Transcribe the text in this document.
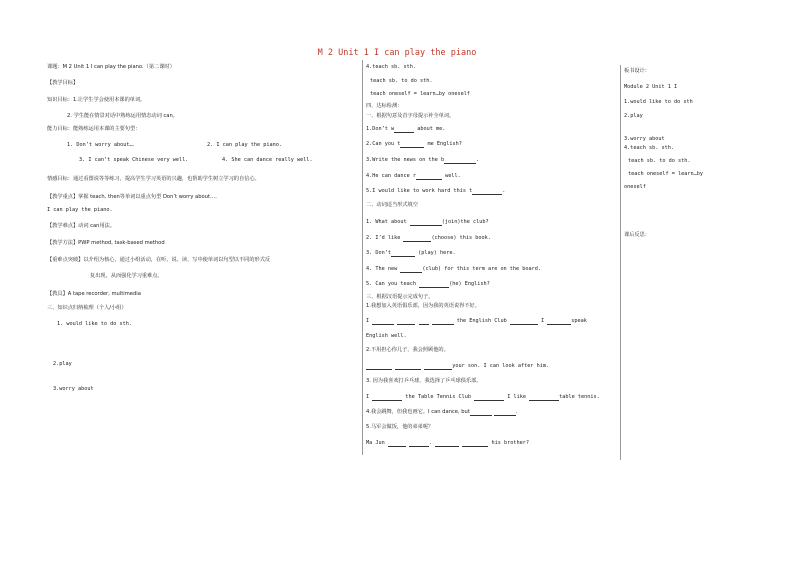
M 2 Unit 1 I can play the piano
课题：M 2 Unit 1 I can play the piano.（第二课时）
【教学目标】
知识目标：1.让学生学会使用本课的单词。
2. 学生能在情景对话中熟练运用情态动词 can。
能力目标：能熟练运用本课的主要句型：
1. Don’t worry about…．	2. I can play the piano.
3. I can’t speak Chinese very well.	4. She can dance really well.
情感目标：通过看图说等等练习，提高学生学习英语的兴趣，也帮助学生树立学习的自信心。
【教学重点】掌握 teach, then等单词以重点句型 Don’t worry about…．
I can play the piano.
【教学难点】动词 can用法。
【教学方法】PWP method, task-based method
【重难点突破】以介绍为核心，通过小组活动，在听、说、读、写中使单词以句型以不同的形式反
复出现，从而强化学习重难点。
【教具】A tape recorder, multimedia
三、知识点归纳梳理（个人/小组）
1. would like to do sth.
2.play
3.worry about
4.teach sb. sth.
teach sb. to do sth.
teach oneself = learn…by oneself
四、达标检测：
一、根据句意及首字母提示补全单词。
1.Don’t w	about me.
2.Can you t	me English?
3.Write the news on the b	.
4.He can dance r	well.
5.I would like to work hard this t	.
二、动词适当形式填空
1. What about	(join)the club?
2. I’d like	(choose) this book.
3. Don’t	(play) here.
4. The new	(club) for this term are on the board.
5. Can you teach	(he) English?
三、根据汉语提示完成句子。
1.我想加入英语俱乐部，因为我的英语说得不好。
I	the English Club	I	speak
English well.
2.不用担心你儿子，我会照顾他的。
your son. I can look after him.
3. 因为我喜欢打乒乓球，我选择了乒乓球俱乐部。
I	the Table Tennis Club	I like	table tennis.
4.我会跳舞，但我也画它。I can dance, but	.
5.马军会做饭，他的弟弟呢？
Ma Jun	.	his brother?
板书设计：
Module 2 Unit 1 I
1.would like to do sth
2.play
3.worry about
4.teach sb. sth.
teach sb. to do sth.
teach oneself = learn…by
oneself
课后反思：
